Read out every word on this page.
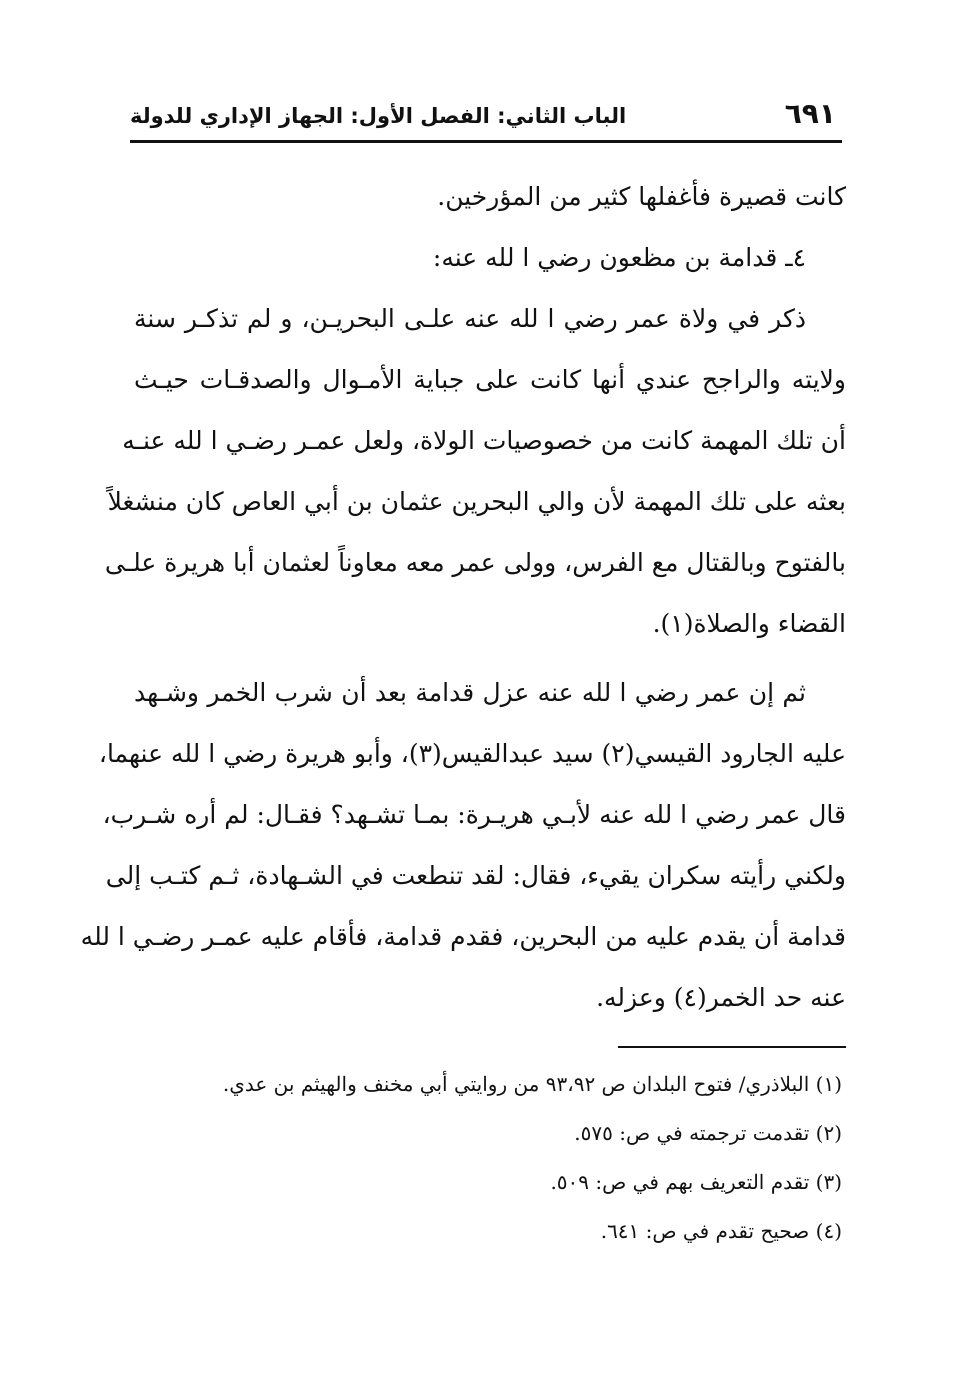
٦٩١
الباب الثاني: الفصل الأول: الجهاز الإداري للدولة
كانت قصيرة فأغفلها كثير من المؤرخين.
٤ـ قدامة بن مظعون رضي ا لله عنه:
ذكر في ولاة عمر رضي ا لله عنه علـى البحريـن، و لم تذكـر سنة
ولايته والراجح عندي أنها كانت على جباية الأمـوال والصدقـات حيـث
أن تلك المهمة كانت من خصوصيات الولاة، ولعل عمـر رضـي ا لله عنـه
بعثه على تلك المهمة لأن والي البحرين عثمان بن أبي العاص كان منشغلاً
بالفتوح وبالقتال مع الفرس، وولى عمر معه معاوناً لعثمان أبا هريرة علـى
القضاء والصلاة(١).
ثم إن عمر رضي ا لله عنه عزل قدامة بعد أن شرب الخمر وشـهد
عليه الجارود القيسي(٢) سيد عبدالقيس(٣)، وأبو هريرة رضي ا لله عنهما،
قال عمر رضي ا لله عنه لأبـي هريـرة: بمـا تشـهد؟ فقـال: لم أره شـرب،
ولكني رأيته سكران يقيء، فقال: لقد تنطعت في الشـهادة، ثـم كتـب إلى
قدامة أن يقدم عليه من البحرين، فقدم قدامة، فأقام عليه عمـر رضـي ا لله
عنه حد الخمر(٤) وعزله.
(١) البلاذري/ فتوح البلدان ص ٩٣،٩٢ من روايتي أبي مخنف والهيثم بن عدي.
(٢) تقدمت ترجمته في ص: ٥٧٥.
(٣) تقدم التعريف بهم في ص: ٥٠٩.
(٤) صحيح تقدم في ص: ٦٤١.
